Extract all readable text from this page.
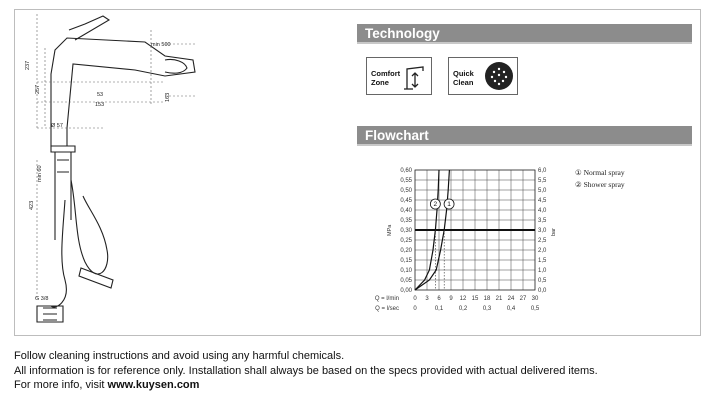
min 500
237
257
53
153
163
Ø 57
min 60
423
G 3/8
Technology
Comfort
Zone
Quick
Clean
Flowchart
0,60	6,0
0,55	5,5
0,50	5,0
0,45	4,5
0,40	4,0
0,35	3,5
0,30	3,0
0,25	2,5
0,20	2,0
0,15	1,5
0,10	1,0
0,05	0,5
0,00	0,0
0 3 6 9 12 15 18 21 24 27 30
0	0,1	0,2	0,3	0,4	0,5
Q = l/min
Q = l/sec
1
2
MPa	bar
① Normal spray
② Shower spray
Follow cleaning instructions and avoid using any harmful chemicals.
All information is for reference only. Installation shall always be based on the specs provided with actual delivered items.
For more info, visit www.kuysen.com
